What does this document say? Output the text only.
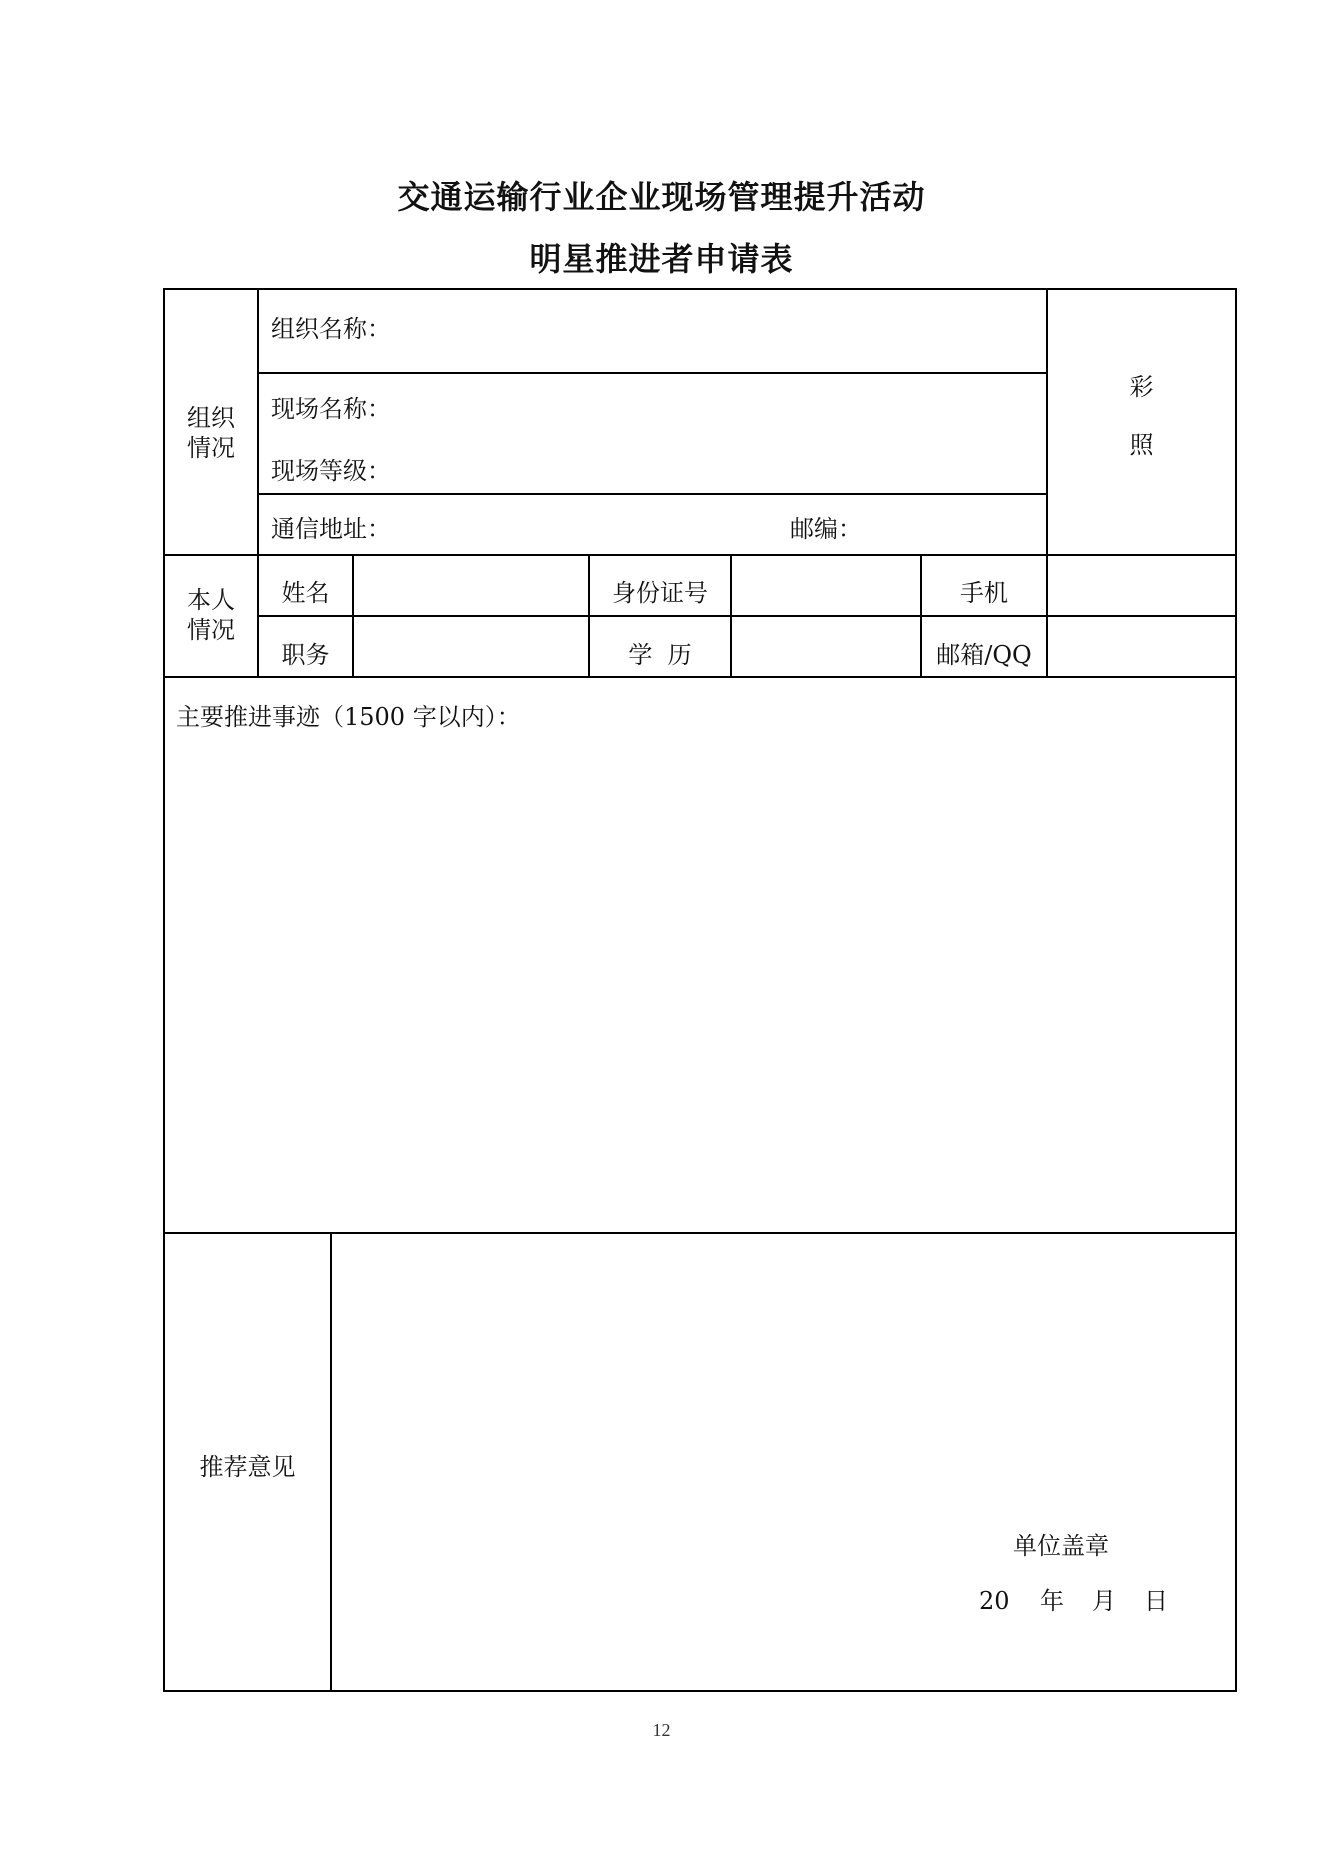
交通运输行业企业现场管理提升活动
明星推进者申请表
组织
情况
组织名称：
现场名称：
现场等级：
通信地址：	邮编：
彩
照
本人
情况
姓名	身份证号	手机
职务	学  历	邮箱/QQ
主要推进事迹（1500 字以内）：
推荐意见
单位盖章
20 年 月 日
12
